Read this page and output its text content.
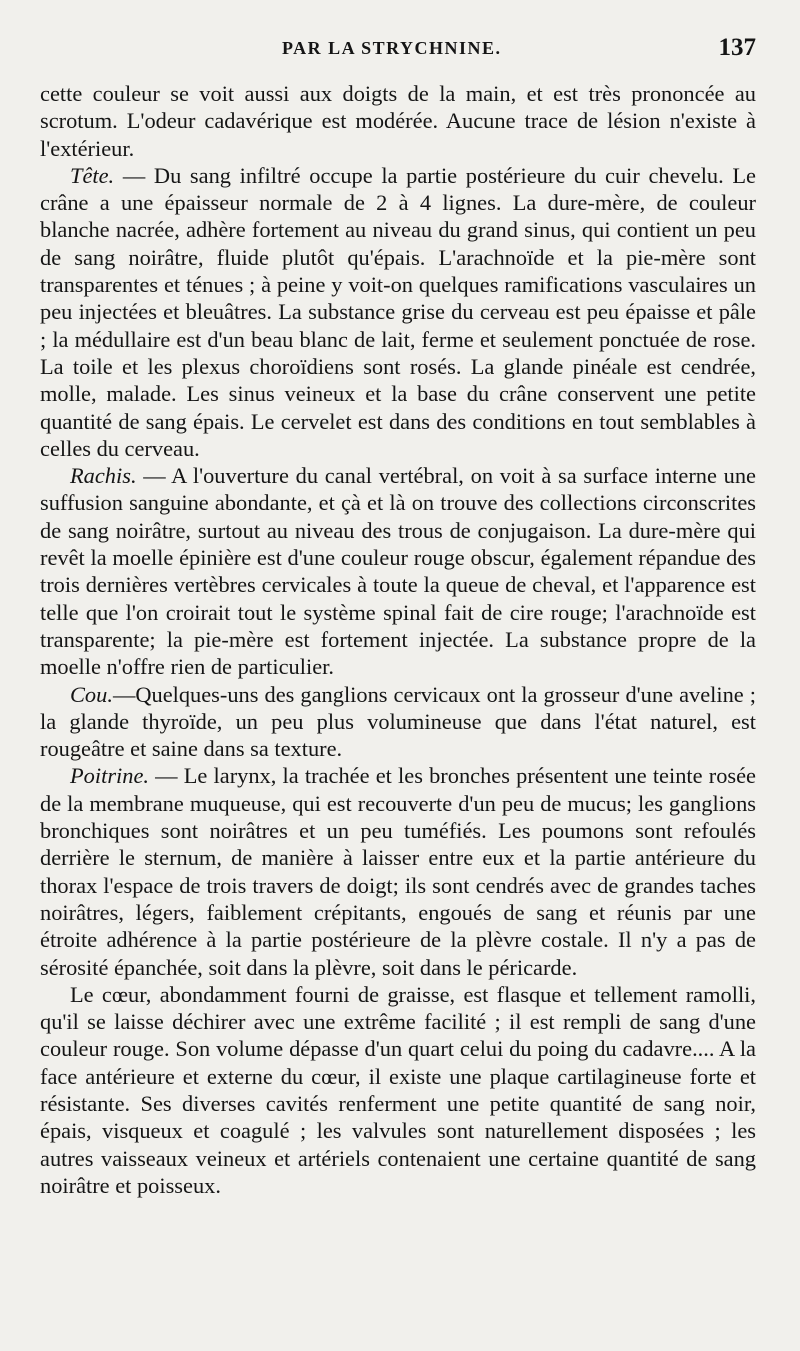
PAR LA STRYCHNINE.	137

cette couleur se voit aussi aux doigts de la main, et est très prononcée au scrotum. L'odeur cadavérique est modérée. Aucune trace de lésion n'existe à l'extérieur.

Tête. — Du sang infiltré occupe la partie postérieure du cuir chevelu. Le crâne a une épaisseur normale de 2 à 4 lignes. La dure-mère, de couleur blanche nacrée, adhère fortement au niveau du grand sinus, qui contient un peu de sang noirâtre, fluide plutôt qu'épais. L'arachnoïde et la pie-mère sont transparentes et ténues ; à peine y voit-on quelques ramifications vasculaires un peu injectées et bleuâtres. La substance grise du cerveau est peu épaisse et pâle ; la médullaire est d'un beau blanc de lait, ferme et seulement ponctuée de rose. La toile et les plexus choroïdiens sont rosés. La glande pinéale est cendrée, molle, malade. Les sinus veineux et la base du crâne conservent une petite quantité de sang épais. Le cervelet est dans des conditions en tout semblables à celles du cerveau.

Rachis. — A l'ouverture du canal vertébral, on voit à sa surface interne une suffusion sanguine abondante, et çà et là on trouve des collections circonscrites de sang noirâtre, surtout au niveau des trous de conjugaison. La dure-mère qui revêt la moelle épinière est d'une couleur rouge obscur, également répandue des trois dernières vertèbres cervicales à toute la queue de cheval, et l'apparence est telle que l'on croirait tout le système spinal fait de cire rouge; l'arachnoïde est transparente; la pie-mère est fortement injectée. La substance propre de la moelle n'offre rien de particulier.

Cou.—Quelques-uns des ganglions cervicaux ont la grosseur d'une aveline ; la glande thyroïde, un peu plus volumineuse que dans l'état naturel, est rougeâtre et saine dans sa texture.

Poitrine. — Le larynx, la trachée et les bronches présentent une teinte rosée de la membrane muqueuse, qui est recouverte d'un peu de mucus; les ganglions bronchiques sont noirâtres et un peu tuméfiés. Les poumons sont refoulés derrière le sternum, de manière à laisser entre eux et la partie antérieure du thorax l'espace de trois travers de doigt; ils sont cendrés avec de grandes taches noirâtres, légers, faiblement crépitants, engoués de sang et réunis par une étroite adhérence à la partie postérieure de la plèvre costale. Il n'y a pas de sérosité épanchée, soit dans la plèvre, soit dans le péricarde.

Le cœur, abondamment fourni de graisse, est flasque et tellement ramolli, qu'il se laisse déchirer avec une extrême facilité ; il est rempli de sang d'une couleur rouge. Son volume dépasse d'un quart celui du poing du cadavre.... A la face antérieure et externe du cœur, il existe une plaque cartilagineuse forte et résistante. Ses diverses cavités renferment une petite quantité de sang noir, épais, visqueux et coagulé ; les valvules sont naturellement disposées ; les autres vaisseaux veineux et artériels contenaient une certaine quantité de sang noirâtre et poisseux.
